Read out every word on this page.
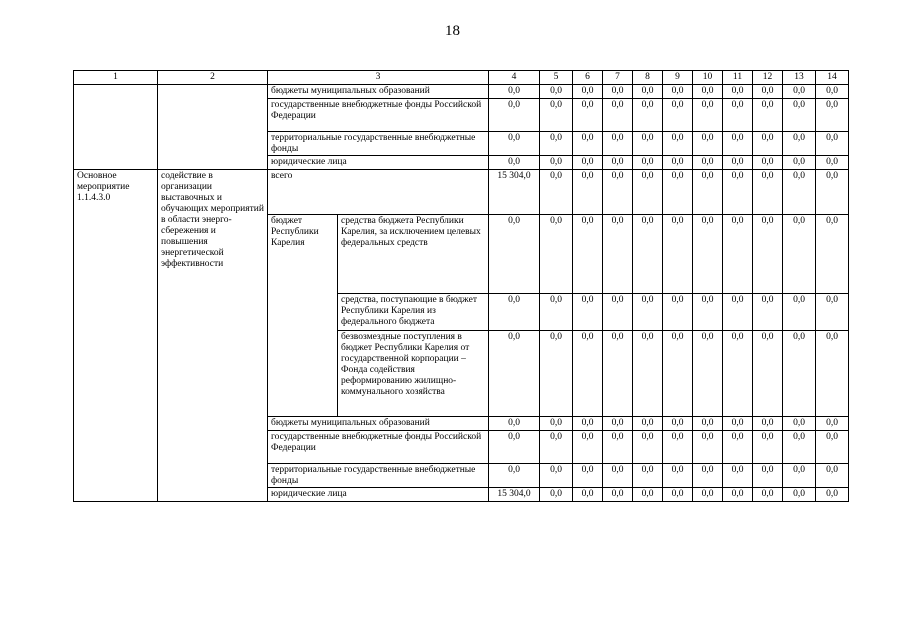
18
1	2	3		4	5	6	7	8	9	10	11	12	13	14
		бюджеты муниципальных образований		0,0	0,0	0,0	0,0	0,0	0,0	0,0	0,0	0,0	0,0	0,0
		государственные внебюджетные фонды Российской Федерации		0,0	0,0	0,0	0,0	0,0	0,0	0,0	0,0	0,0	0,0	0,0
		территориальные государственные внебюджетные фонды		0,0	0,0	0,0	0,0	0,0	0,0	0,0	0,0	0,0	0,0	0,0
		юридические лица		0,0	0,0	0,0	0,0	0,0	0,0	0,0	0,0	0,0	0,0	0,0
Основное мероприятие 1.1.4.3.0	содействие в организации выставочных и обучающих мероприятий в области энерго-сбережения и повышения энергетической эффективности	всего		15 304,0	0,0	0,0	0,0	0,0	0,0	0,0	0,0	0,0	0,0	0,0
		бюджет Республики Карелия	средства бюджета Республики Карелия, за исключением целевых федеральных средств	0,0	0,0	0,0	0,0	0,0	0,0	0,0	0,0	0,0	0,0	0,0
			средства, поступающие в бюджет Республики Карелия из федерального бюджета	0,0	0,0	0,0	0,0	0,0	0,0	0,0	0,0	0,0	0,0	0,0
			безвозмездные поступления в бюджет Республики Карелия от государственной корпорации – Фонда содействия реформированию жилищно-коммунального хозяйства	0,0	0,0	0,0	0,0	0,0	0,0	0,0	0,0	0,0	0,0	0,0
		бюджеты муниципальных образований		0,0	0,0	0,0	0,0	0,0	0,0	0,0	0,0	0,0	0,0	0,0
		государственные внебюджетные фонды Российской Федерации		0,0	0,0	0,0	0,0	0,0	0,0	0,0	0,0	0,0	0,0	0,0
		территориальные государственные внебюджетные фонды		0,0	0,0	0,0	0,0	0,0	0,0	0,0	0,0	0,0	0,0	0,0
		юридические лица		15 304,0	0,0	0,0	0,0	0,0	0,0	0,0	0,0	0,0	0,0	0,0
